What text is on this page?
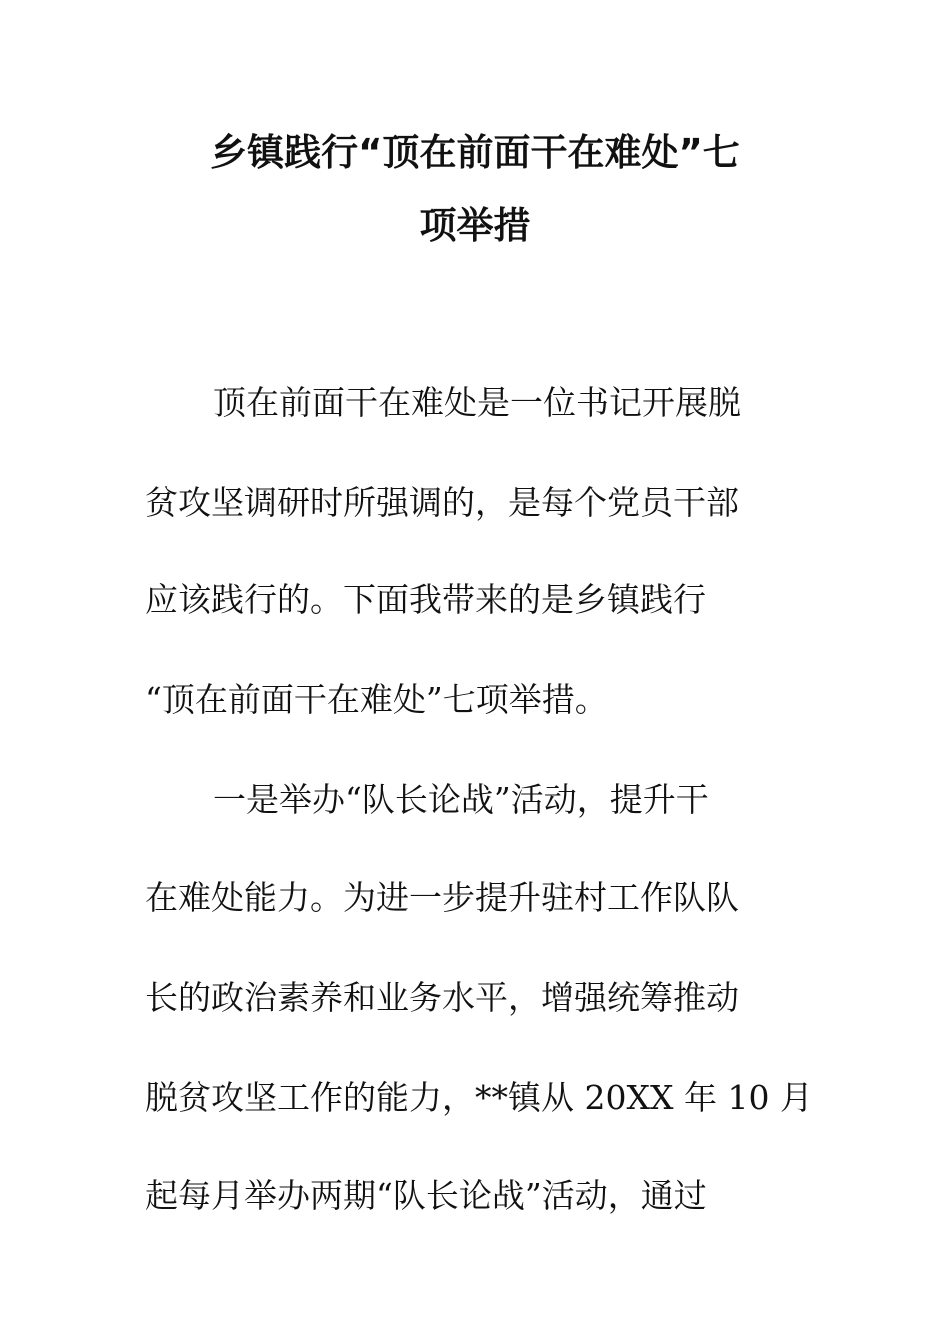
乡镇践行“顶在前面干在难处”七
项举措

顶在前面干在难处是一位书记开展脱

贫攻坚调研时所强调的，是每个党员干部

应该践行的。下面我带来的是乡镇践行

“顶在前面干在难处”七项举措。

一是举办“队长论战”活动，提升干

在难处能力。为进一步提升驻村工作队队

长的政治素养和业务水平，增强统筹推动

脱贫攻坚工作的能力，**镇从 20XX 年 10 月

起每月举办两期“队长论战”活动，通过
